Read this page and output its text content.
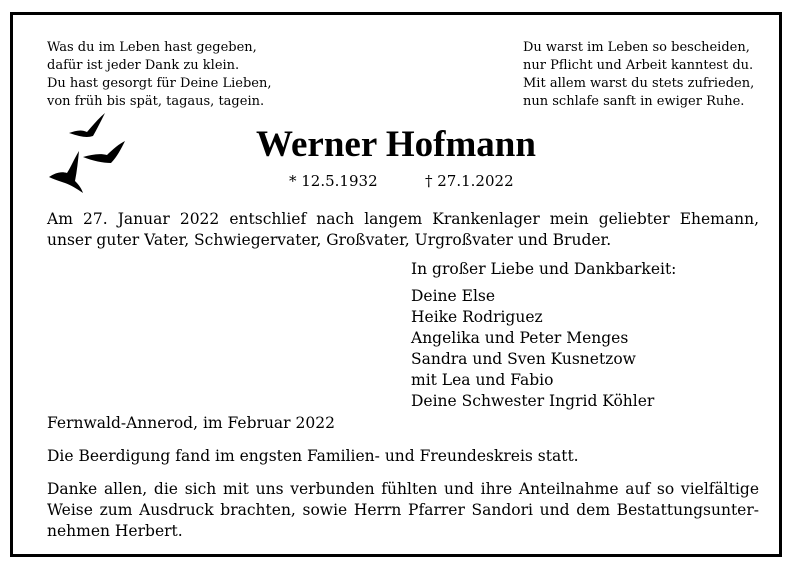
Was du im Leben hast gegeben,
dafür ist jeder Dank zu klein.
Du hast gesorgt für Deine Lieben,
von früh bis spät, tagaus, tagein.
Du warst im Leben so bescheiden,
nur Pflicht und Arbeit kanntest du.
Mit allem warst du stets zufrieden,
nun schlafe sanft in ewiger Ruhe.
Werner Hofmann
* 12.5.1932	† 27.1.2022
Am 27. Januar 2022 entschlief nach langem Krankenlager mein geliebter Ehemann,
unser guter Vater, Schwiegervater, Großvater, Urgroßvater und Bruder.
In großer Liebe und Dankbarkeit:
Deine Else
Heike Rodriguez
Angelika und Peter Menges
Sandra und Sven Kusnetzow
mit Lea und Fabio
Deine Schwester Ingrid Köhler
Fernwald-Annerod, im Februar 2022
Die Beerdigung fand im engsten Familien- und Freundeskreis statt.
Danke allen, die sich mit uns verbunden fühlten und ihre Anteilnahme auf so vielfältige
Weise zum Ausdruck brachten, sowie Herrn Pfarrer Sandori und dem Bestattungsunter-
nehmen Herbert.
